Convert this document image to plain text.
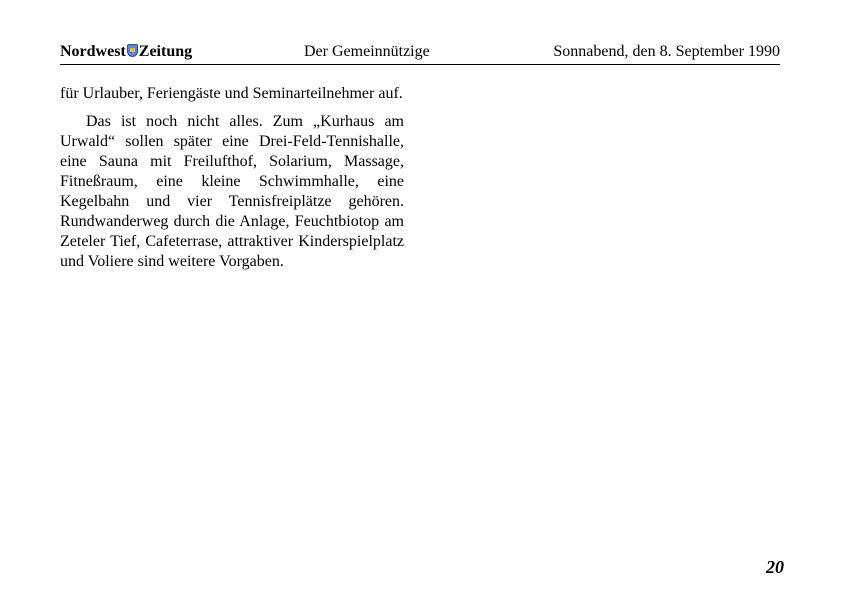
Nordwest Zeitung	Der Gemeinnützige	Sonnabend, den 8. September 1990

für Urlauber, Feriengäste und Seminarteilnehmer auf.

Das ist noch nicht alles. Zum „Kurhaus am Urwald“ sollen später eine Drei-Feld-Tennishalle, eine Sauna mit Freilufthof, Solarium, Massage, Fitneßraum, eine kleine Schwimmhalle, eine Kegelbahn und vier Tennisfreiplätze gehören. Rundwanderweg durch die Anlage, Feuchtbiotop am Zeteler Tief, Cafeterrase, attraktiver Kinderspielplatz und Voliere sind weitere Vorgaben.

20
